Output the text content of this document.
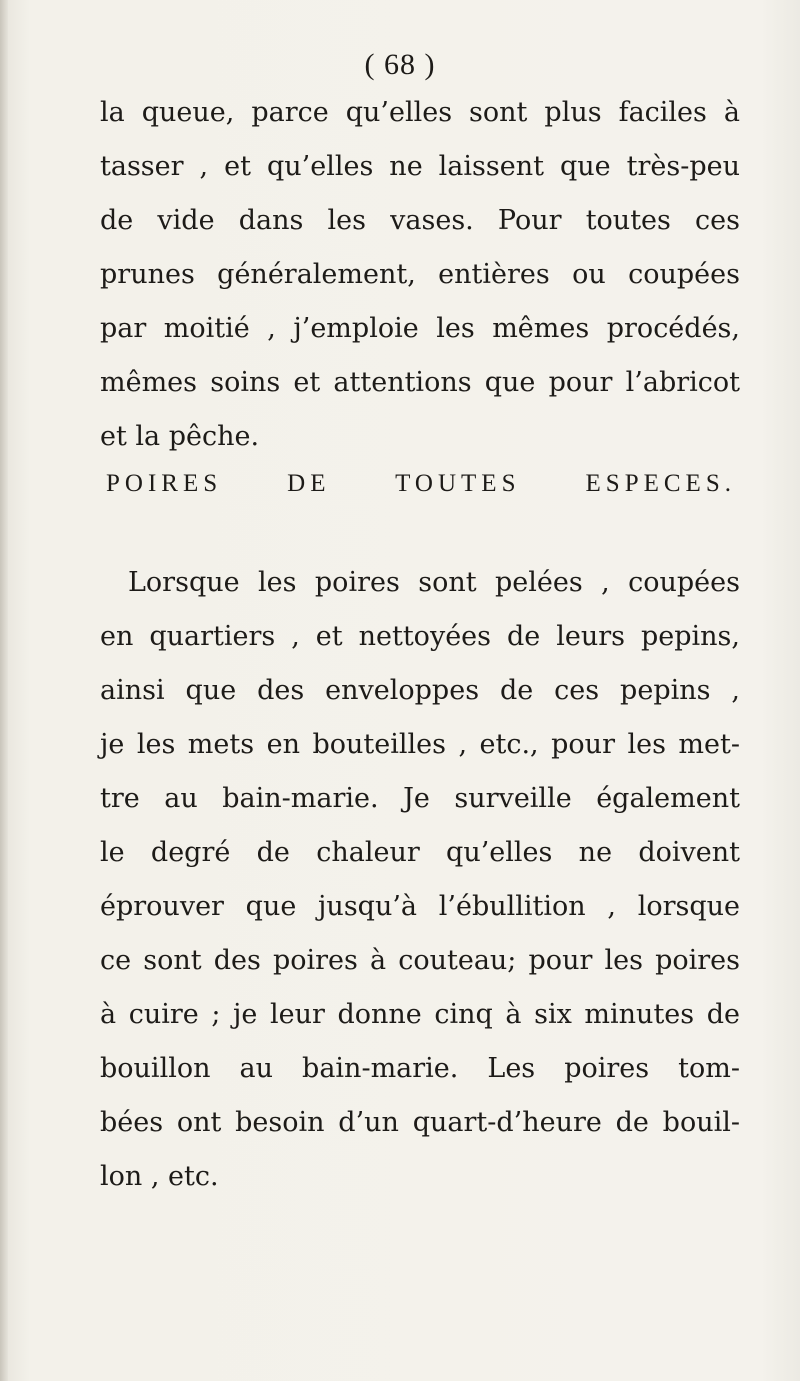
( 68 )
la queue, parce qu’elles sont plus faciles à
tasser , et qu’elles ne laissent que très-peu
de vide dans les vases. Pour toutes ces
prunes généralement, entières ou coupées
par moitié , j’emploie les mêmes procédés,
mêmes soins et attentions que pour l’abricot
et la pêche.
POIRES DE TOUTES ESPECES.
Lorsque les poires sont pelées , coupées
en quartiers , et nettoyées de leurs pepins,
ainsi que des enveloppes de ces pepins ,
je les mets en bouteilles , etc., pour les met-
tre au bain-marie. Je surveille également
le degré de chaleur qu’elles ne doivent
éprouver que jusqu’à l’ébullition , lorsque
ce sont des poires à couteau; pour les poires
à cuire ; je leur donne cinq à six minutes de
bouillon au bain-marie. Les poires tom-
bées ont besoin d’un quart-d’heure de bouil-
lon , etc.
